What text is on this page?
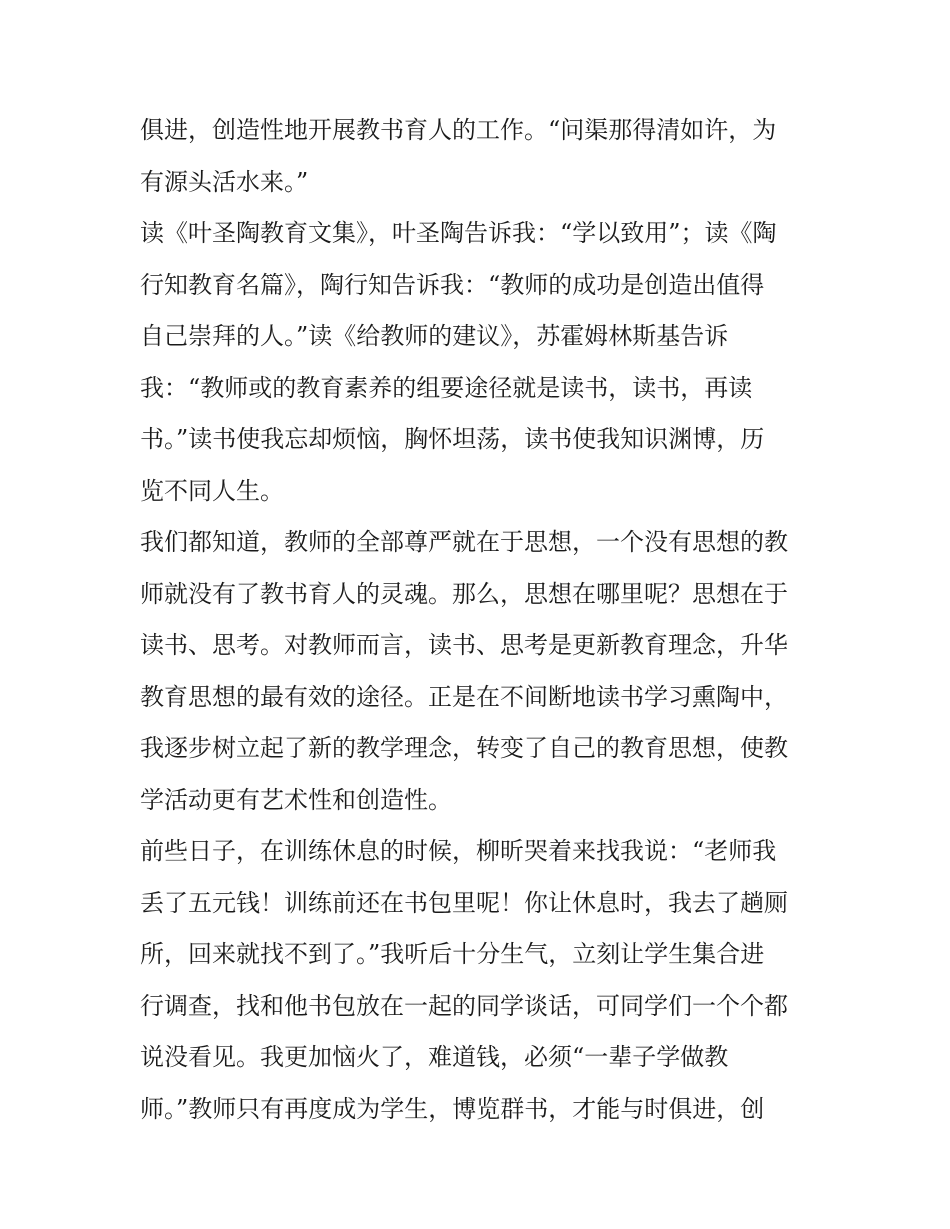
俱进，创造性地开展教书育人的工作。“问渠那得清如许，为
有源头活水来。”
读《叶圣陶教育文集》，叶圣陶告诉我：“学以致用”；读《陶
行知教育名篇》，陶行知告诉我：“教师的成功是创造出值得
自己崇拜的人。”读《给教师的建议》，苏霍姆林斯基告诉
我：“教师或的教育素养的组要途径就是读书，读书，再读
书。”读书使我忘却烦恼，胸怀坦荡，读书使我知识渊博，历
览不同人生。
我们都知道，教师的全部尊严就在于思想，一个没有思想的教
师就没有了教书育人的灵魂。那么，思想在哪里呢？思想在于
读书、思考。对教师而言，读书、思考是更新教育理念，升华
教育思想的最有效的途径。正是在不间断地读书学习熏陶中，
我逐步树立起了新的教学理念，转变了自己的教育思想，使教
学活动更有艺术性和创造性。
前些日子，在训练休息的时候，柳昕哭着来找我说：“老师我
丢了五元钱！训练前还在书包里呢！你让休息时，我去了趟厕
所，回来就找不到了。”我听后十分生气，立刻让学生集合进
行调查，找和他书包放在一起的同学谈话，可同学们一个个都
说没看见。我更加恼火了，难道钱，必须“一辈子学做教
师。”教师只有再度成为学生，博览群书，才能与时俱进，创
